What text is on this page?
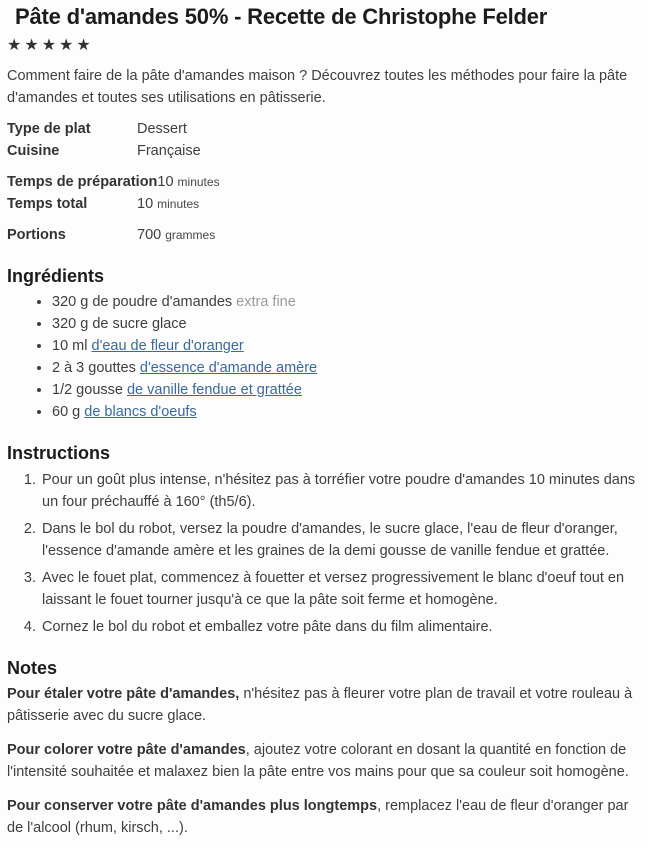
Pâte d'amandes 50% - Recette de Christophe Felder
★★★★★

Comment faire de la pâte d'amandes maison ? Découvrez toutes les méthodes pour faire la pâte d'amandes et toutes ses utilisations en pâtisserie.

Type de plat	Dessert
Cuisine	Française
Temps de préparation 10 minutes
Temps total	10 minutes
Portions	700 grammes
Ingrédients
• 320 g de poudre d'amandes extra fine
• 320 g de sucre glace
• 10 ml d'eau de fleur d'oranger
• 2 à 3 gouttes d'essence d'amande amère
• 1/2 gousse de vanille fendue et grattée
• 60 g de blancs d'oeufs
Instructions
1. Pour un goût plus intense, n'hésitez pas à torréfier votre poudre d'amandes 10 minutes dans un four préchauffé à 160° (th5/6).
2. Dans le bol du robot, versez la poudre d'amandes, le sucre glace, l'eau de fleur d'oranger, l'essence d'amande amère et les graines de la demi gousse de vanille fendue et grattée.
3. Avec le fouet plat, commencez à fouetter et versez progressivement le blanc d'oeuf tout en laissant le fouet tourner jusqu'à ce que la pâte soit ferme et homogène.
4. Cornez le bol du robot et emballez votre pâte dans du film alimentaire.
Notes

Pour étaler votre pâte d'amandes, n'hésitez pas à fleurer votre plan de travail et votre rouleau à pâtisserie avec du sucre glace.

Pour colorer votre pâte d'amandes, ajoutez votre colorant en dosant la quantité en fonction de l'intensité souhaitée et malaxez bien la pâte entre vos mains pour que sa couleur soit homogène.

Pour conserver votre pâte d'amandes plus longtemps, remplacez l'eau de fleur d'oranger par de l'alcool (rhum, kirsch, ...).
